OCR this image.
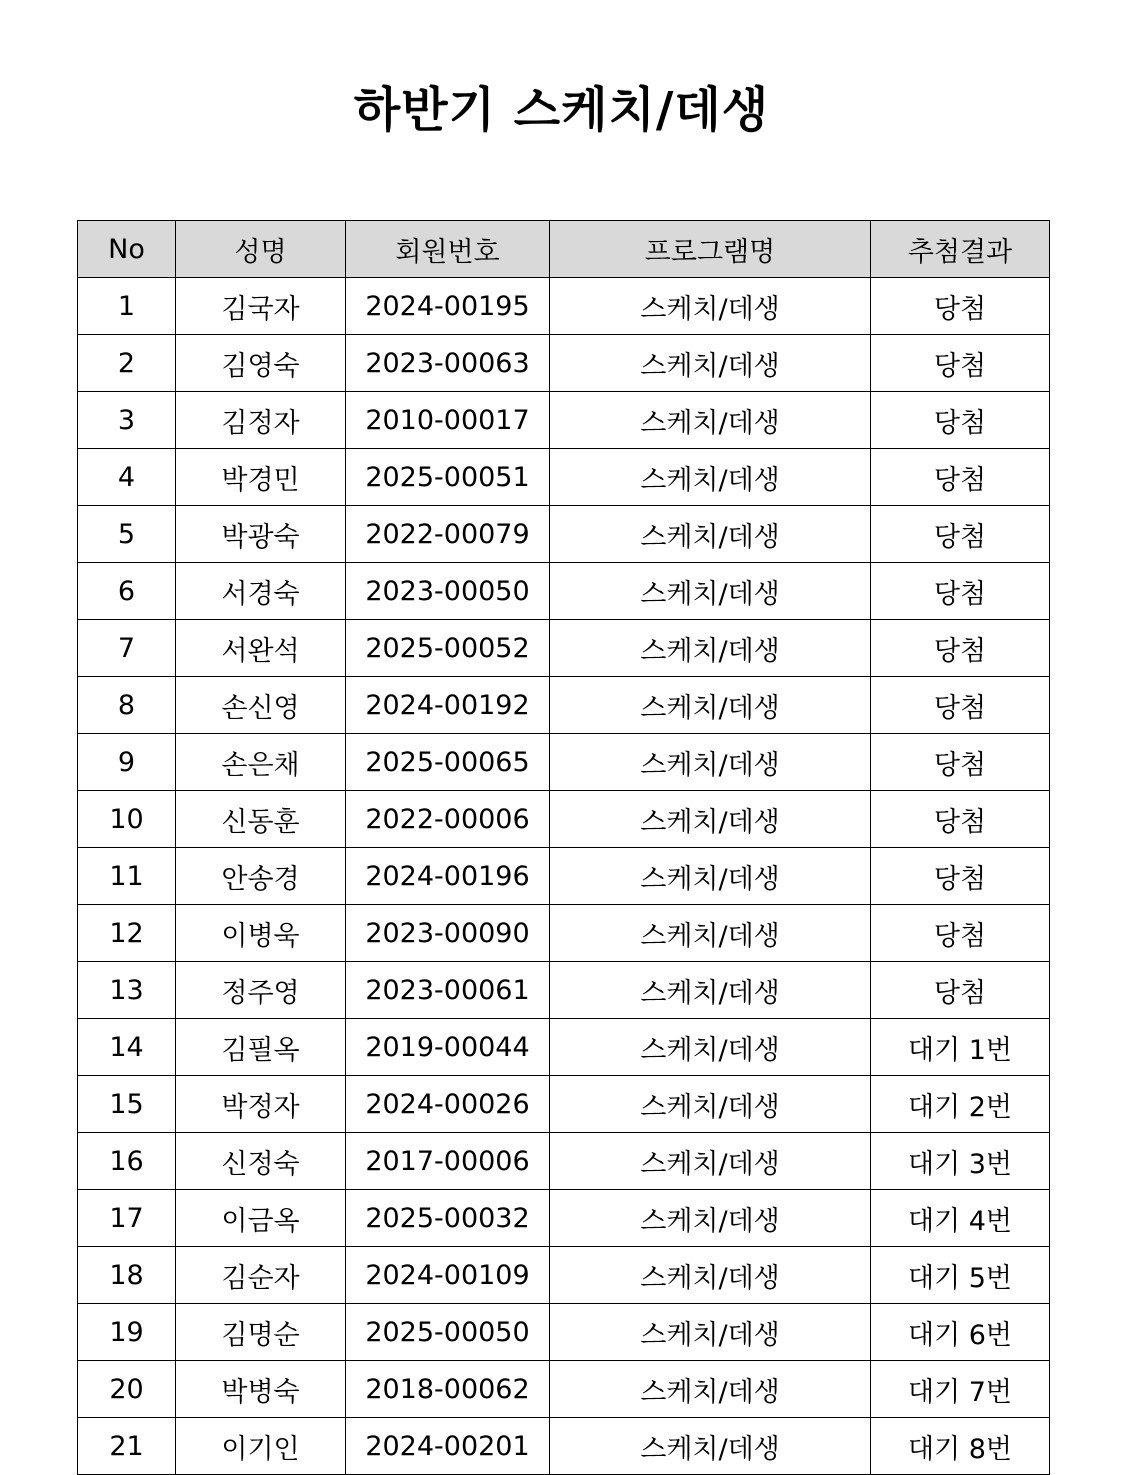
하반기 스케치/데생
No	성명	회원번호	프로그램명	추첨결과
1	김국자	2024-00195	스케치/데생	당첨
2	김영숙	2023-00063	스케치/데생	당첨
3	김정자	2010-00017	스케치/데생	당첨
4	박경민	2025-00051	스케치/데생	당첨
5	박광숙	2022-00079	스케치/데생	당첨
6	서경숙	2023-00050	스케치/데생	당첨
7	서완석	2025-00052	스케치/데생	당첨
8	손신영	2024-00192	스케치/데생	당첨
9	손은채	2025-00065	스케치/데생	당첨
10	신동훈	2022-00006	스케치/데생	당첨
11	안송경	2024-00196	스케치/데생	당첨
12	이병욱	2023-00090	스케치/데생	당첨
13	정주영	2023-00061	스케치/데생	당첨
14	김필옥	2019-00044	스케치/데생	대기 1번
15	박정자	2024-00026	스케치/데생	대기 2번
16	신정숙	2017-00006	스케치/데생	대기 3번
17	이금옥	2025-00032	스케치/데생	대기 4번
18	김순자	2024-00109	스케치/데생	대기 5번
19	김명순	2025-00050	스케치/데생	대기 6번
20	박병숙	2018-00062	스케치/데생	대기 7번
21	이기인	2024-00201	스케치/데생	대기 8번
